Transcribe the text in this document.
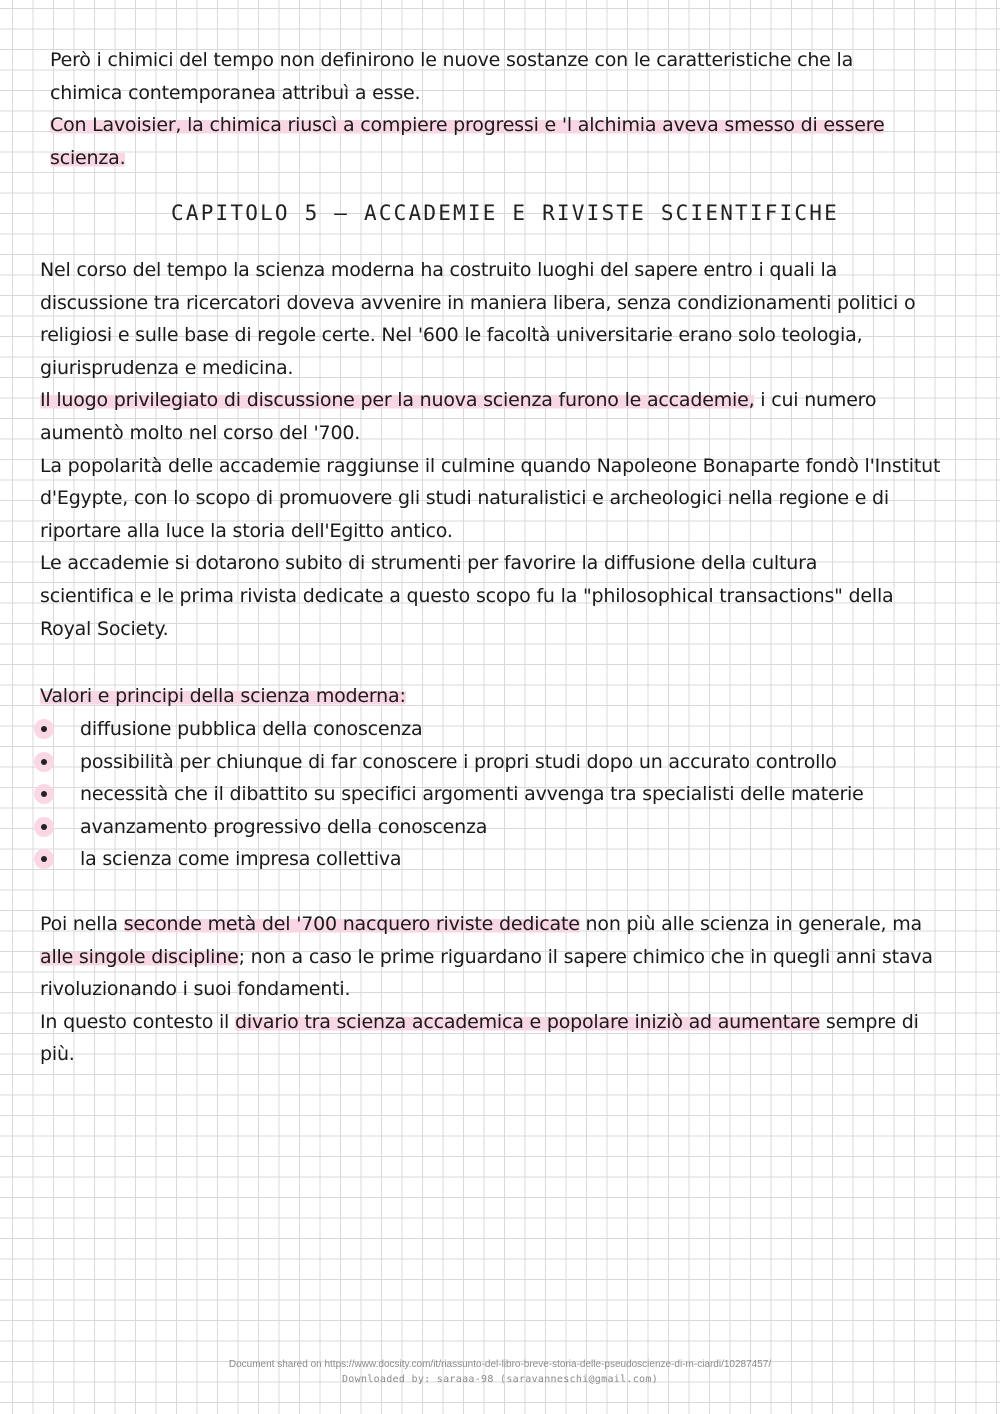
Però i chimici del tempo non definirono le nuove sostanze con le caratteristiche che la
chimica contemporanea attribuì a esse.
Con Lavoisier, la chimica riuscì a compiere progressi e 'l alchimia aveva smesso di essere
scienza.
CAPITOLO 5 — ACCADEMIE E RIVISTE SCIENTIFICHE
Nel corso del tempo la scienza moderna ha costruito luoghi del sapere entro i quali la
discussione tra ricercatori doveva avvenire in maniera libera, senza condizionamenti politici o
religiosi e sulle base di regole certe. Nel '600 le facoltà universitarie erano solo teologia,
giurisprudenza e medicina.
Il luogo privilegiato di discussione per la nuova scienza furono le accademie, i cui numero
aumentò molto nel corso del '700.
La popolarità delle accademie raggiunse il culmine quando Napoleone Bonaparte fondò l'Institut
d'Egypte, con lo scopo di promuovere gli studi naturalistici e archeologici nella regione e di
riportare alla luce la storia dell'Egitto antico.
Le accademie si dotarono subito di strumenti per favorire la diffusione della cultura
scientifica e le prima rivista dedicate a questo scopo fu la "philosophical transactions" della
Royal Society.
Valori e principi della scienza moderna:
diffusione pubblica della conoscenza
possibilità per chiunque di far conoscere i propri studi dopo un accurato controllo
necessità che il dibattito su specifici argomenti avvenga tra specialisti delle materie
avanzamento progressivo della conoscenza
la scienza come impresa collettiva
Poi nella seconde metà del '700 nacquero riviste dedicate non più alle scienza in generale, ma
alle singole discipline; non a caso le prime riguardano il sapere chimico che in quegli anni stava
rivoluzionando i suoi fondamenti.
In questo contesto il divario tra scienza accademica e popolare iniziò ad aumentare sempre di
più.
Document shared on https://www.docsity.com/it/riassunto-del-libro-breve-storia-delle-pseudoscienze-di-m-ciardi/10287457/
Downloaded by: saraaa-98 (saravanneschi@gmail.com)
